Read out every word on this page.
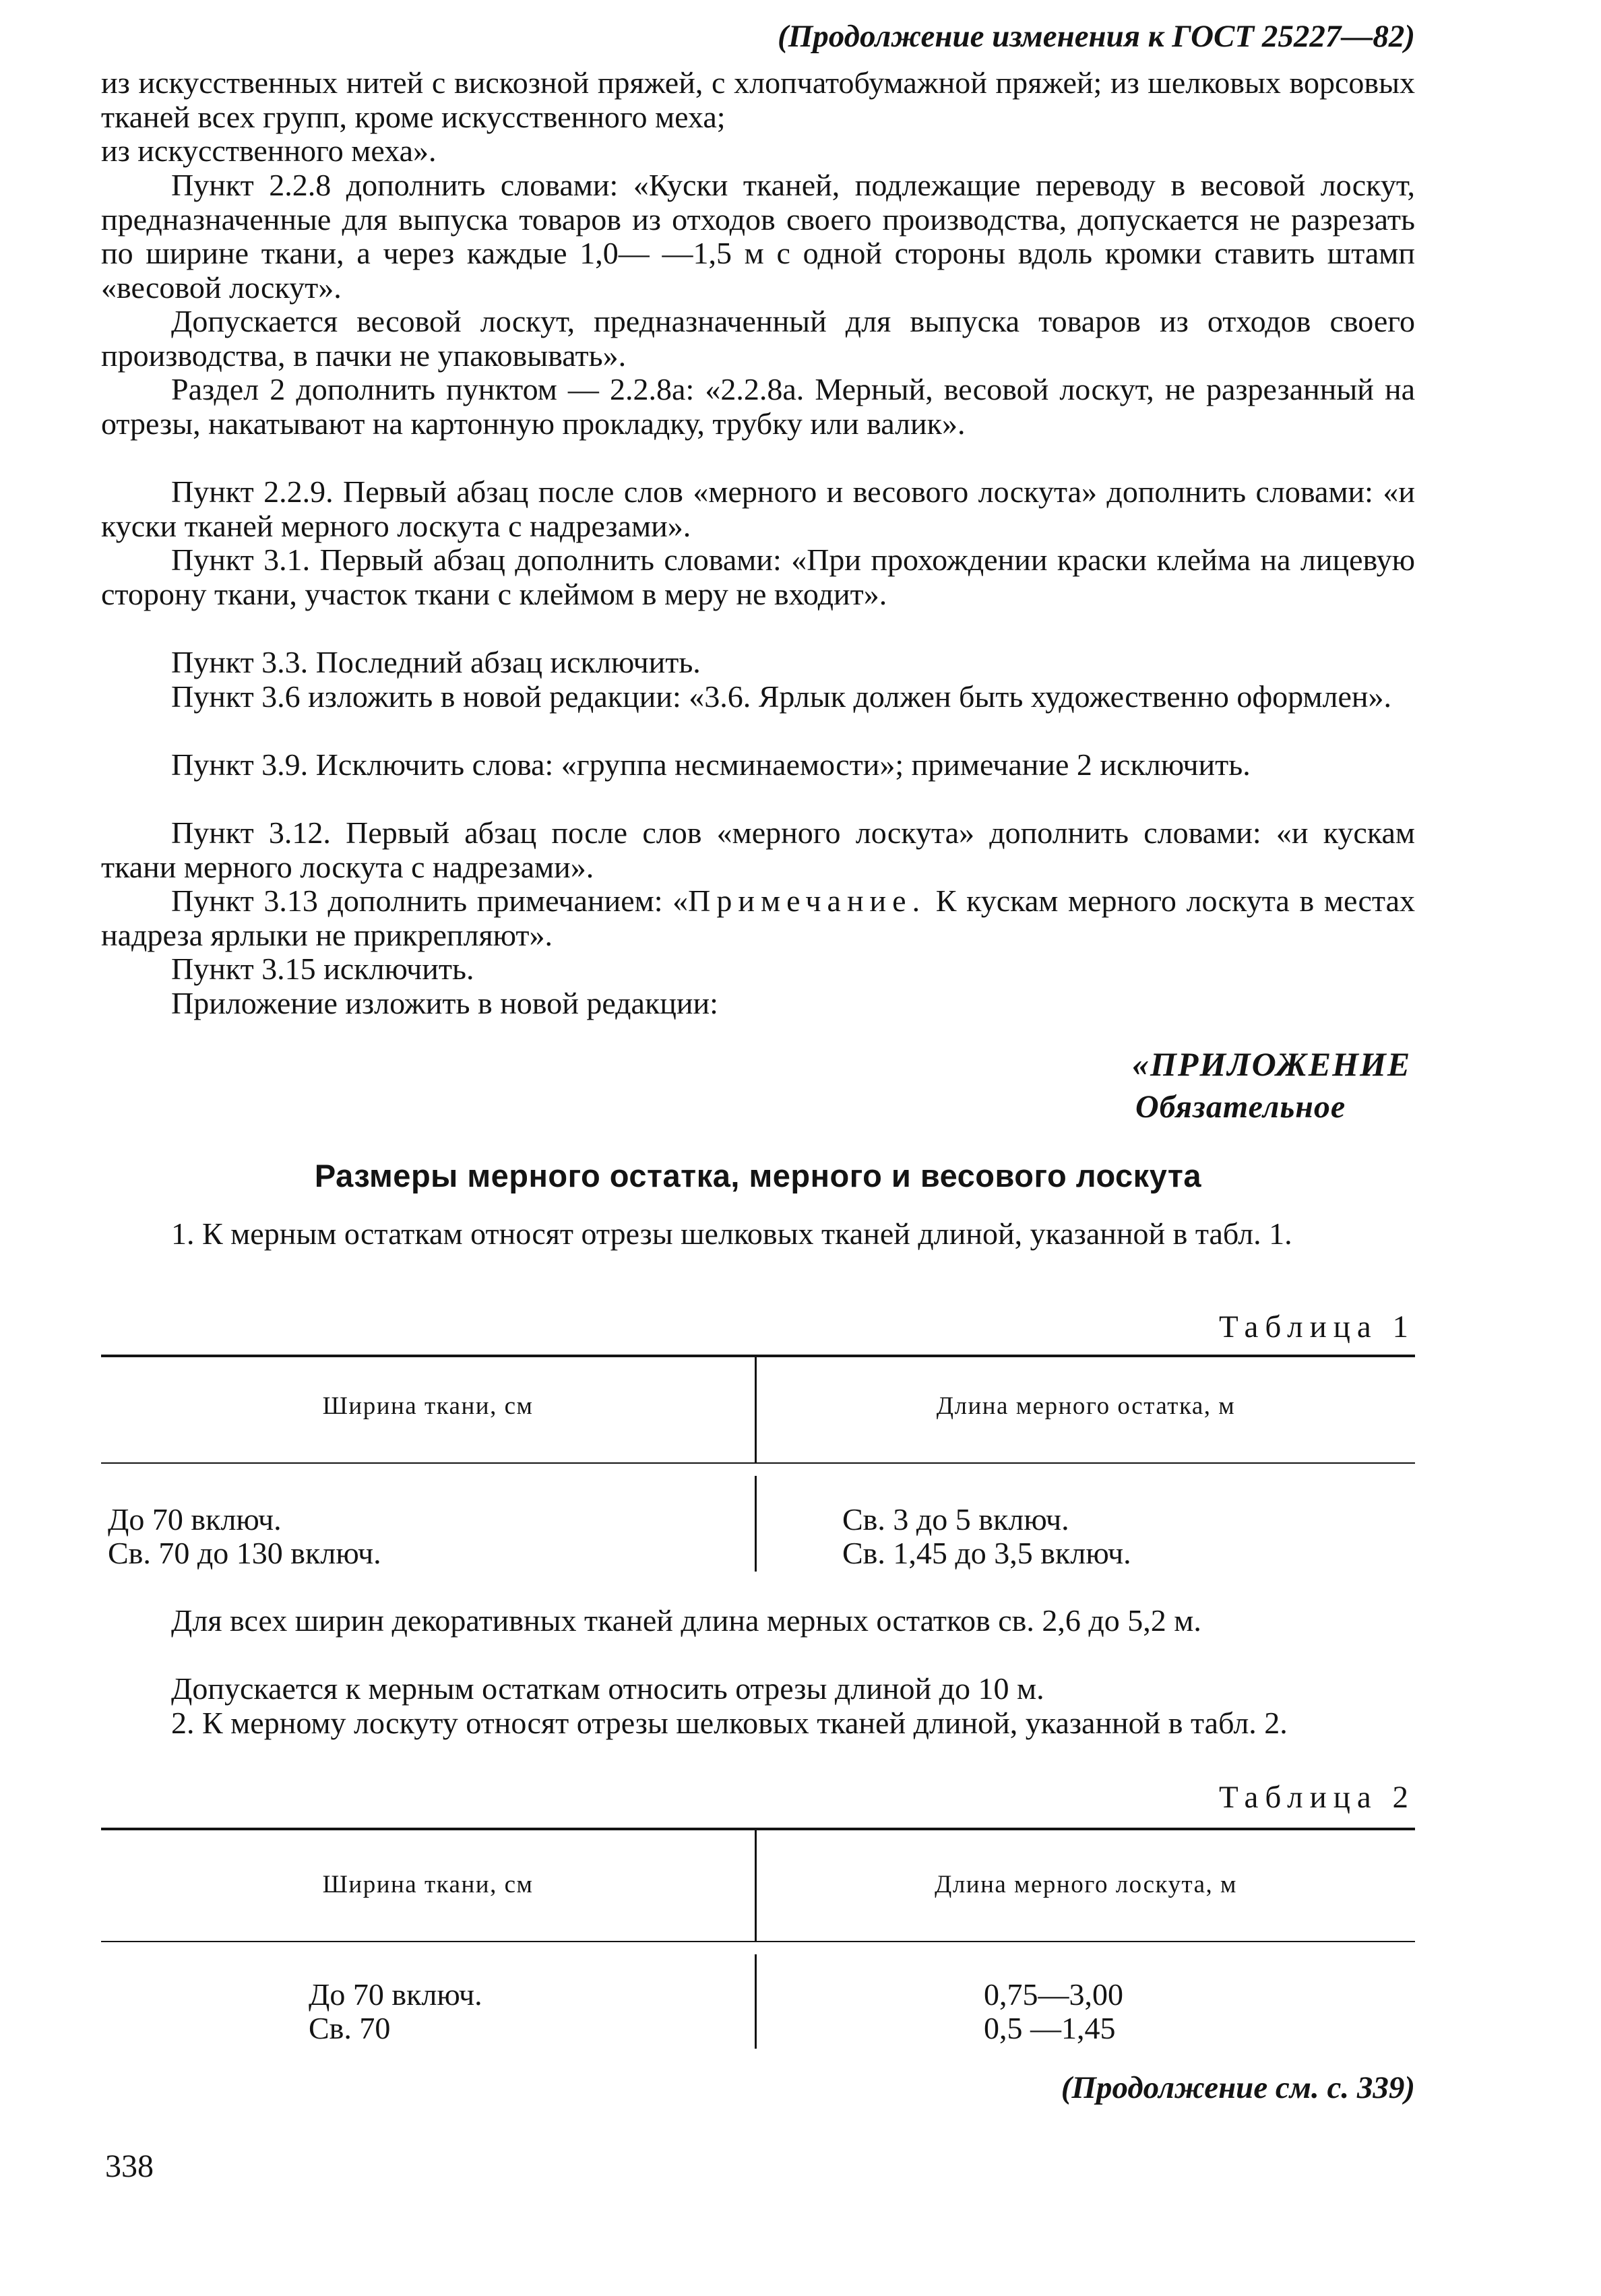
(Продолжение изменения к ГОСТ 25227—82)
из искусственных нитей с вискозной пряжей, с хлопчатобумажной пряжей; из шелковых ворсовых тканей всех групп, кроме искусственного меха;
из искусственного меха».
Пункт 2.2.8 дополнить словами: «Куски тканей, подлежащие переводу в весовой лоскут, предназначенные для выпуска товаров из отходов своего производства, допускается не разрезать по ширине ткани, а через каждые 1,0— —1,5 м с одной стороны вдоль кромки ставить штамп «весовой лоскут».
Допускается весовой лоскут, предназначенный для выпуска товаров из отходов своего производства, в пачки не упаковывать».
Раздел 2 дополнить пунктом — 2.2.8а: «2.2.8а. Мерный, весовой лоскут, не разрезанный на отрезы, накатывают на картонную прокладку, трубку или валик».
Пункт 2.2.9. Первый абзац после слов «мерного и весового лоскута» дополнить словами: «и куски тканей мерного лоскута с надрезами».
Пункт 3.1. Первый абзац дополнить словами: «При прохождении краски клейма на лицевую сторону ткани, участок ткани с клеймом в меру не входит».
Пункт 3.3. Последний абзац исключить.
Пункт 3.6 изложить в новой редакции: «3.6. Ярлык должен быть художественно оформлен».
Пункт 3.9. Исключить слова: «группа несминаемости»; примечание 2 исключить.
Пункт 3.12. Первый абзац после слов «мерного лоскута» дополнить словами: «и кускам ткани мерного лоскута с надрезами».
Пункт 3.13 дополнить примечанием: «Примечание. К кускам мерного лоскута в местах надреза ярлыки не прикрепляют».
Пункт 3.15 исключить.
Приложение изложить в новой редакции:
«ПРИЛОЖЕНИЕ
Обязательное
Размеры мерного остатка, мерного и весового лоскута
1. К мерным остаткам относят отрезы шелковых тканей длиной, указанной в табл. 1.
Таблица 1
Ширина ткани, см	Длина мерного остатка, м
До 70 включ.	Св. 3 до 5 включ.
Св. 70 до 130 включ.	Св. 1,45 до 3,5 включ.
Для всех ширин декоративных тканей длина мерных остатков св. 2,6 до 5,2 м.
Допускается к мерным остаткам относить отрезы длиной до 10 м.
2. К мерному лоскуту относят отрезы шелковых тканей длиной, указанной в табл. 2.
Таблица 2
Ширина ткани, см	Длина мерного лоскута, м
До 70 включ.	0,75—3,00
Св. 70	0,5 —1,45
(Продолжение см. с. 339)
338
